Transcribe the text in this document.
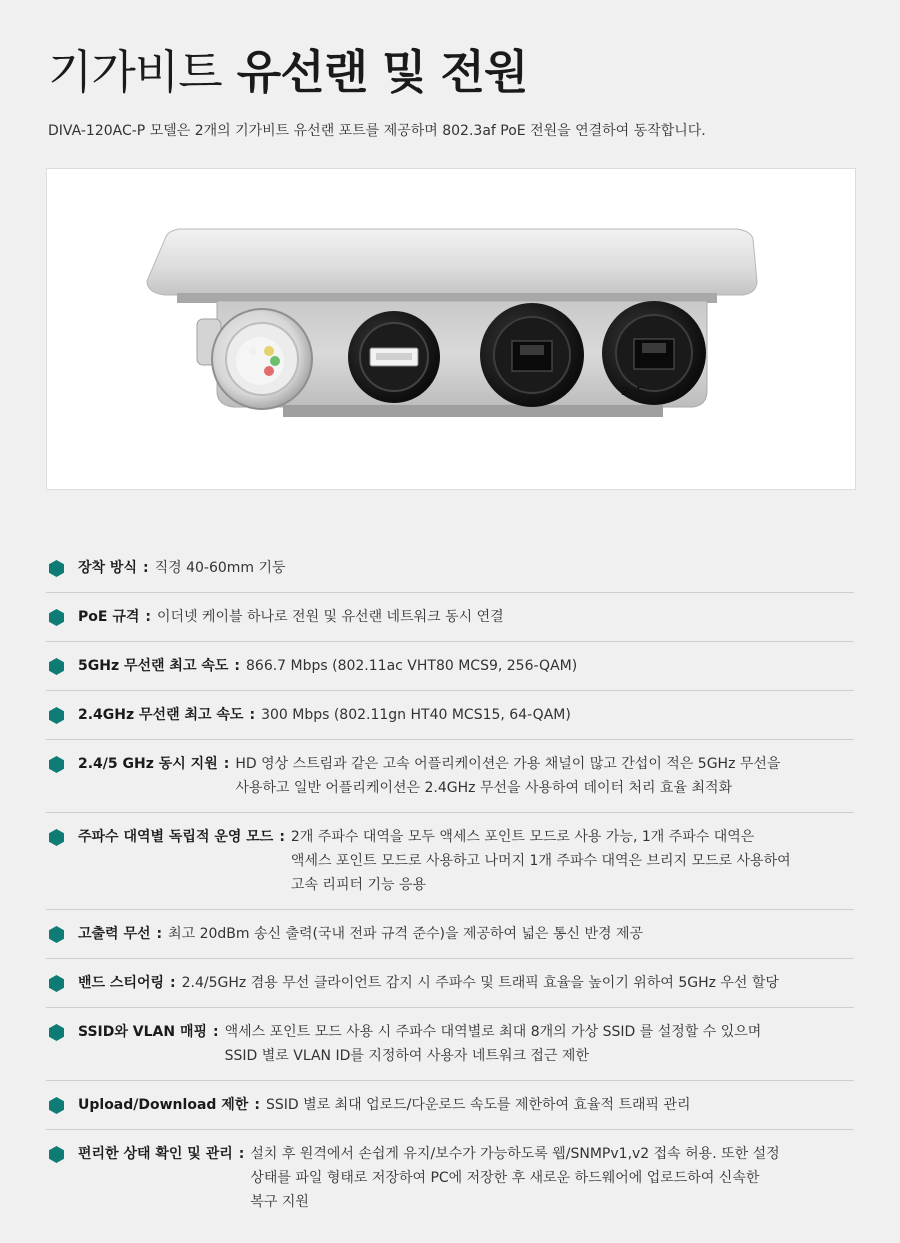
기가비트 유선랜 및 전원

DIVA-120AC-P 모델은 2개의 기가비트 유선랜 포트를 제공하며 802.3af PoE 전원을 연결하여 동작합니다.

PoE
장착 방식 : 직경 40-60mm 기둥
PoE 규격 : 이더넷 케이블 하나로 전원 및 유선랜 네트워크 동시 연결
5GHz 무선랜 최고 속도 : 866.7 Mbps (802.11ac VHT80 MCS9, 256-QAM)
2.4GHz 무선랜 최고 속도 : 300 Mbps (802.11gn HT40 MCS15, 64-QAM)
2.4/5 GHz 동시 지원 : HD 영상 스트림과 같은 고속 어플리케이션은 가용 채널이 많고 간섭이 적은 5GHz 무선을
사용하고 일반 어플리케이션은 2.4GHz 무선을 사용하여 데이터 처리 효율 최적화
주파수 대역별 독립적 운영 모드 : 2개 주파수 대역을 모두 액세스 포인트 모드로 사용 가능, 1개 주파수 대역은
액세스 포인트 모드로 사용하고 나머지 1개 주파수 대역은 브리지 모드로 사용하여
고속 리피터 기능 응용
고출력 무선 : 최고 20dBm 송신 출력(국내 전파 규격 준수)을 제공하여 넓은 통신 반경 제공
밴드 스티어링 : 2.4/5GHz 겸용 무선 클라이언트 감지 시 주파수 및 트래픽 효율을 높이기 위하여 5GHz 우선 할당
SSID와 VLAN 매핑 : 액세스 포인트 모드 사용 시 주파수 대역별로 최대 8개의 가상 SSID 를 설정할 수 있으며
SSID 별로 VLAN ID를 지정하여 사용자 네트워크 접근 제한
Upload/Download 제한 : SSID 별로 최대 업로드/다운로드 속도를 제한하여 효율적 트래픽 관리
편리한 상태 확인 및 관리 : 설치 후 원격에서 손쉽게 유지/보수가 가능하도록 웹/SNMPv1,v2 접속 허용. 또한 설정
상태를 파일 형태로 저장하여 PC에 저장한 후 새로운 하드웨어에 업로드하여 신속한
복구 지원
